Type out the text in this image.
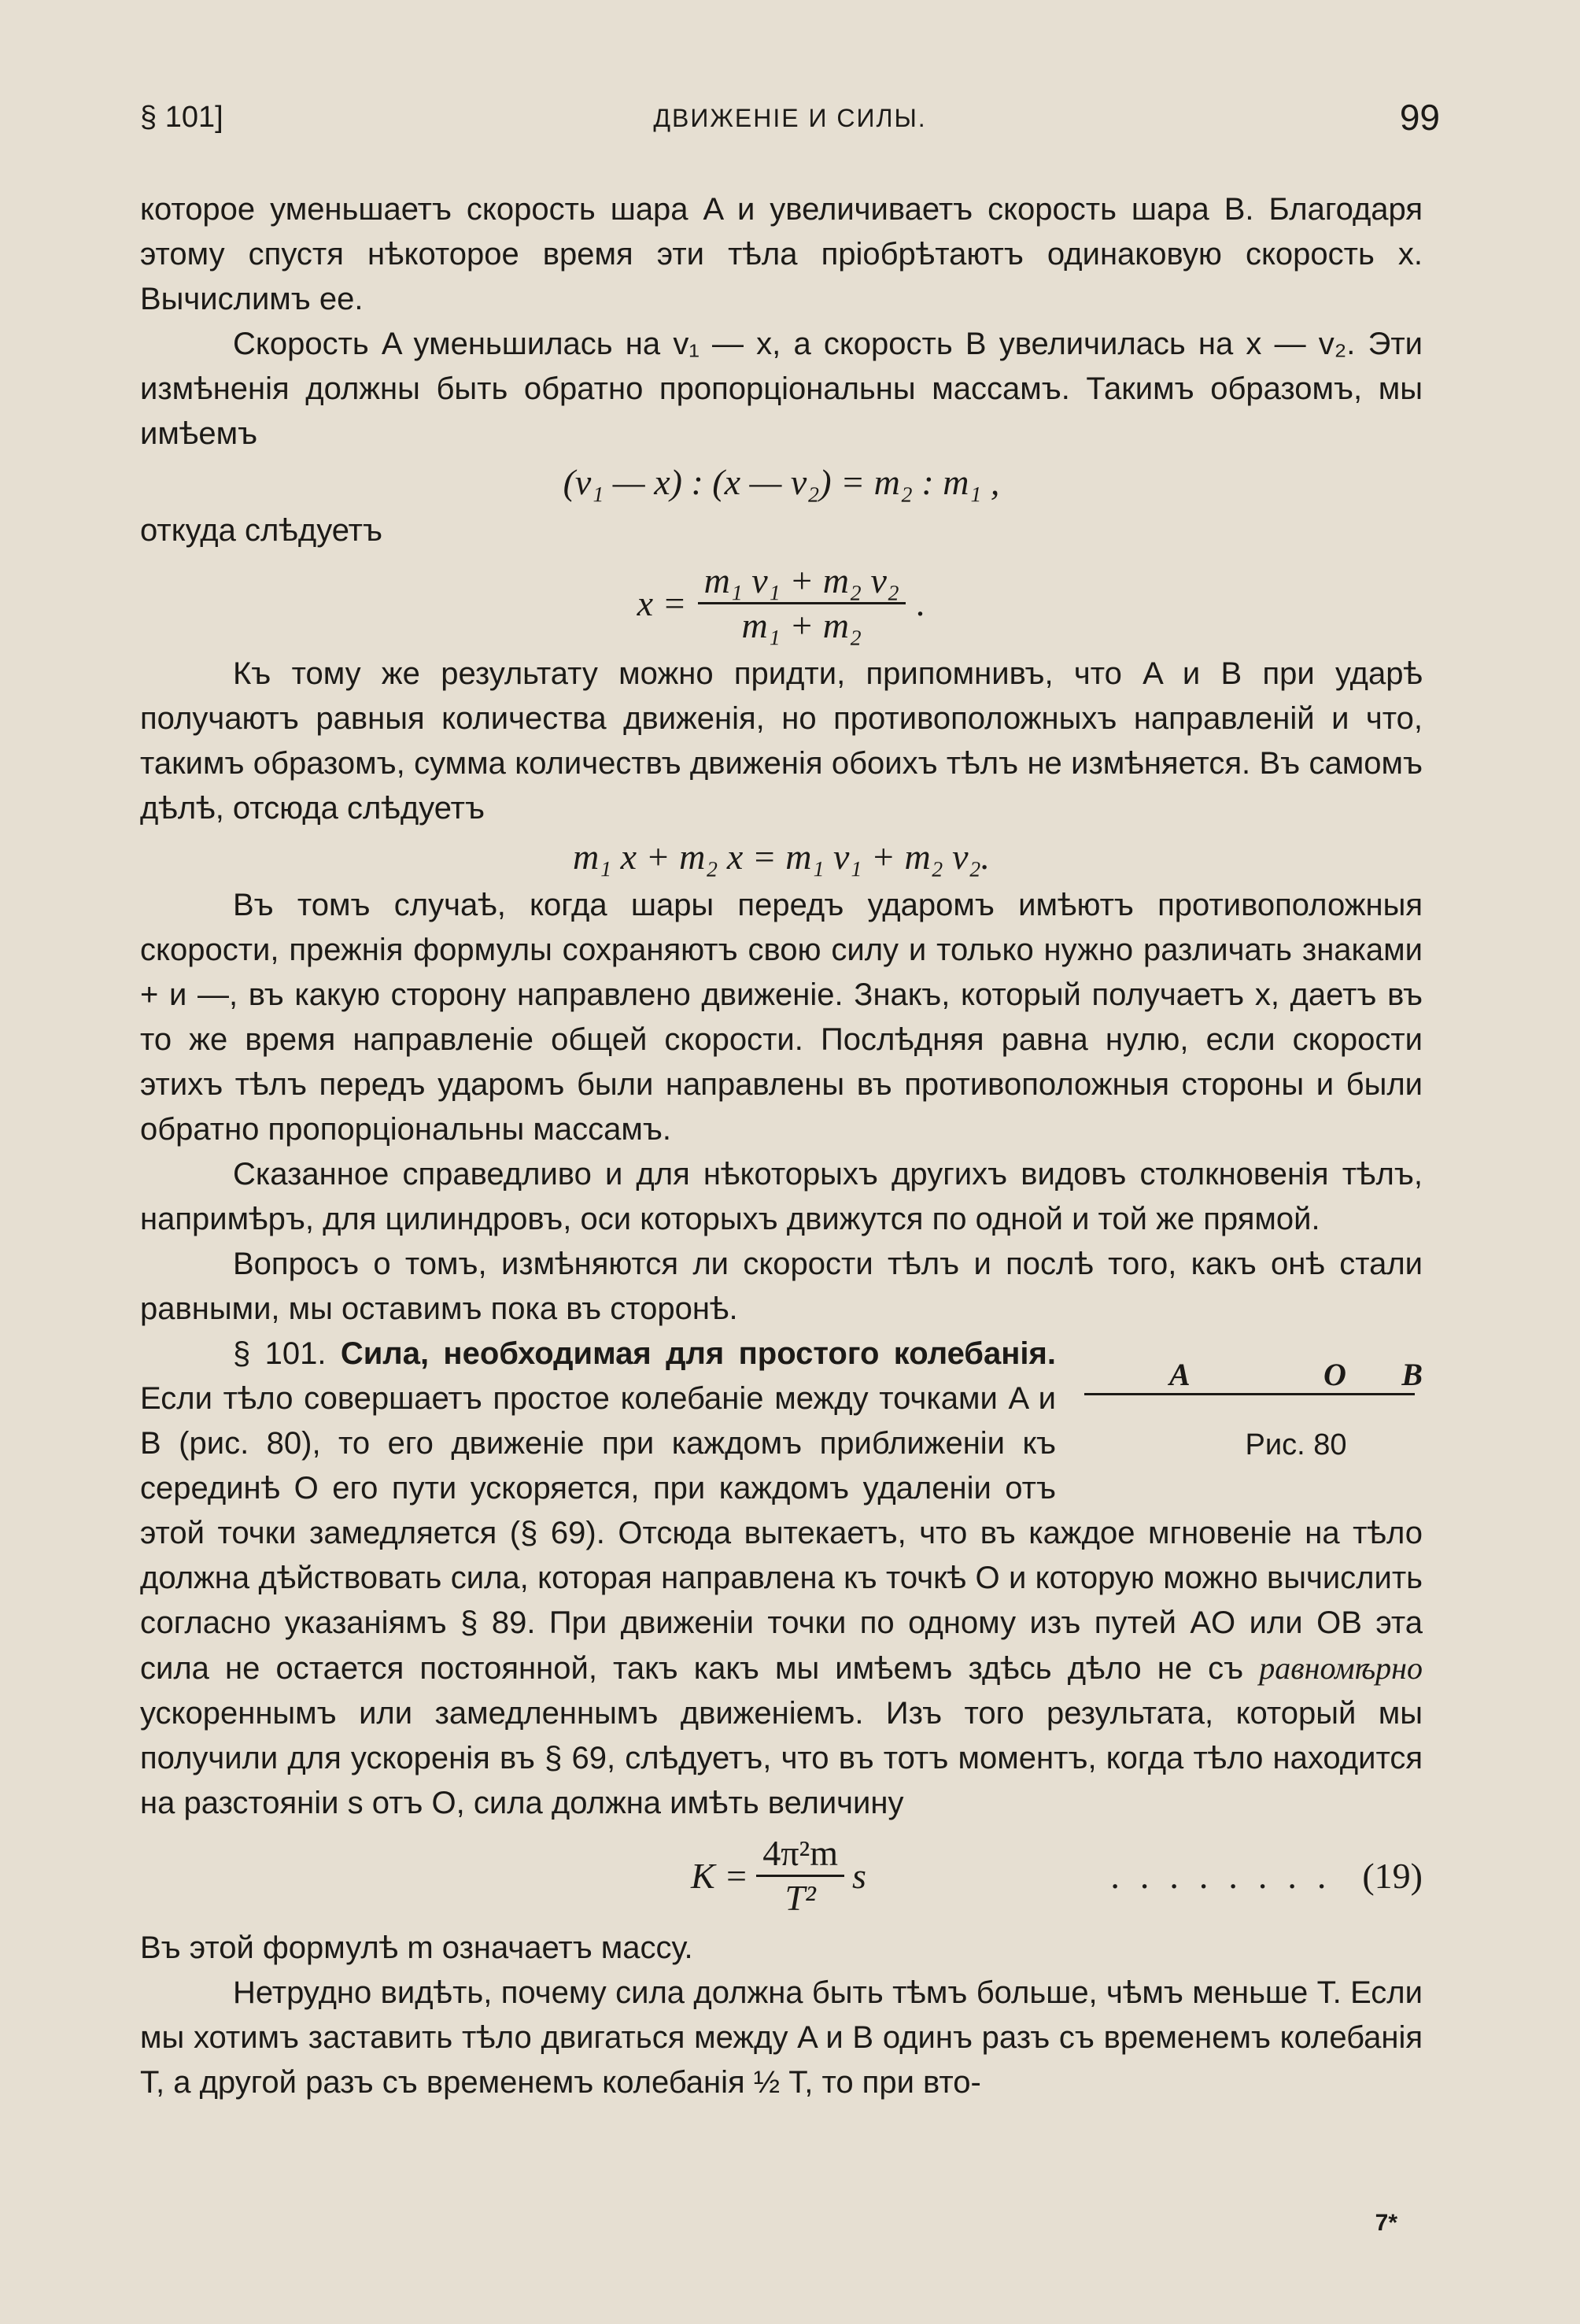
§ 101]	ДВИЖЕНІЕ И СИЛЫ.	99

которое уменьшаетъ скорость шара A и увеличиваетъ скорость шара B. Благодаря этому спустя нѣкоторое время эти тѣла пріобрѣтаютъ одинаковую скорость x. Вычислимъ ее.

Скорость A уменьшилась на v₁ — x, а скорость B увеличилась на x — v₂. Эти измѣненія должны быть обратно пропорціональны массамъ. Такимъ образомъ, мы имѣемъ

(v₁ — x) : (x — v₂) = m₂ : m₁ ,

откуда слѣдуетъ

$x = \frac{\text{m₁ v₁ + m₂ v₂}}{\text{m₁ + m₂}}$ .

Къ тому же результату можно придти, припомнивъ, что A и B при ударѣ получаютъ равныя количества движенія, но противоположныхъ направленій и что, такимъ образомъ, сумма количествъ движенія обоихъ тѣлъ не измѣняется. Въ самомъ дѣлѣ, отсюда слѣдуетъ

m₁ x + m₂ x = m₁ v₁ + m₂ v₂.

Въ томъ случаѣ, когда шары передъ ударомъ имѣютъ противоположныя скорости, прежнія формулы сохраняютъ свою силу и только нужно различать знаками + и —, въ какую сторону направлено движеніе. Знакъ, который получаетъ x, даетъ въ то же время направленіе общей скорости. Послѣдняя равна нулю, если скорости этихъ тѣлъ передъ ударомъ были направлены въ противоположныя стороны и были обратно пропорціональны массамъ.

Сказанное справедливо и для нѣкоторыхъ другихъ видовъ столкновенія тѣлъ, напримѣръ, для цилиндровъ, оси которыхъ движутся по одной и той же прямой.

Вопросъ о томъ, измѣняются ли скорости тѣлъ и послѣ того, какъ онѣ стали равными, мы оставимъ пока въ сторонѣ.

A	O	B
Рис. 80
§ 101. Сила, необходимая для простого колебанія. Если тѣло совершаетъ простое колебаніе между точками A и B (рис. 80), то его движеніе при каждомъ приближеніи къ серединѣ O его пути ускоряется, при каждомъ удаленіи отъ этой точки замедляется (§ 69). Отсюда вытекаетъ, что въ каждое мгновеніе на тѣло должна дѣйствовать сила, которая направлена къ точкѣ O и которую можно вычислить согласно указаніямъ § 89. При движеніи точки по одному изъ путей AO или OB эта сила не остается постоянной, такъ какъ мы имѣемъ здѣсь дѣло не съ равномѣрно ускореннымъ или замедленнымъ движеніемъ. Изъ того результата, который мы получили для ускоренія въ § 69, слѣдуетъ, что въ тотъ моментъ, когда тѣло находится на разстояніи s отъ O, сила должна имѣть величину

$K = \frac{\text{4π²m}}{\text{T²}}$ s	........ (19)

Въ этой формулѣ m означаетъ массу.

Нетрудно видѣть, почему сила должна быть тѣмъ больше, чѣмъ меньше T. Если мы хотимъ заставить тѣло двигаться между A и B одинъ разъ съ временемъ колебанія T, а другой разъ съ временемъ колебанія ½ T, то при вто-

7*
